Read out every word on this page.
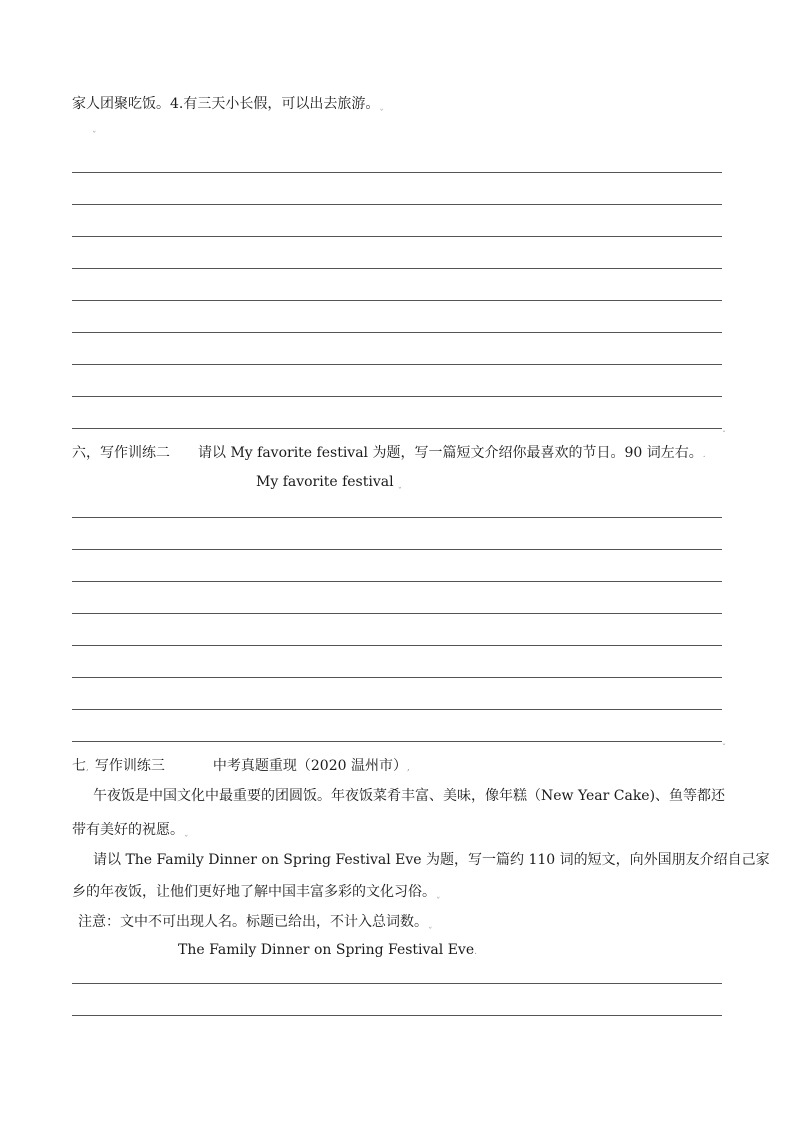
家人团聚吃饭。4.有三天小长假，可以出去旅游。˯
˯
˯
六，写作训练二 请以 My favorite festival 为题，写一篇短文介绍你最喜欢的节日。90 词左右。.
My favorite festival ˯
˯
七, 写作训练三	中考真题重现（2020 温州市）,
午夜饭是中国文化中最重要的团圆饭。年夜饭菜肴丰富、美味，像年糕（New Year Cake)、鱼等都还
带有美好的祝愿。˯
请以 The Family Dinner on Spring Festival Eve 为题，写一篇约 110 词的短文，向外国朋友介绍自己家
乡的年夜饭，让他们更好地了解中国丰富多彩的文化习俗。˯
注意：文中不可出现人名。标题已给出，不计入总词数。˯
The Family Dinner on Spring Festival Eve.
